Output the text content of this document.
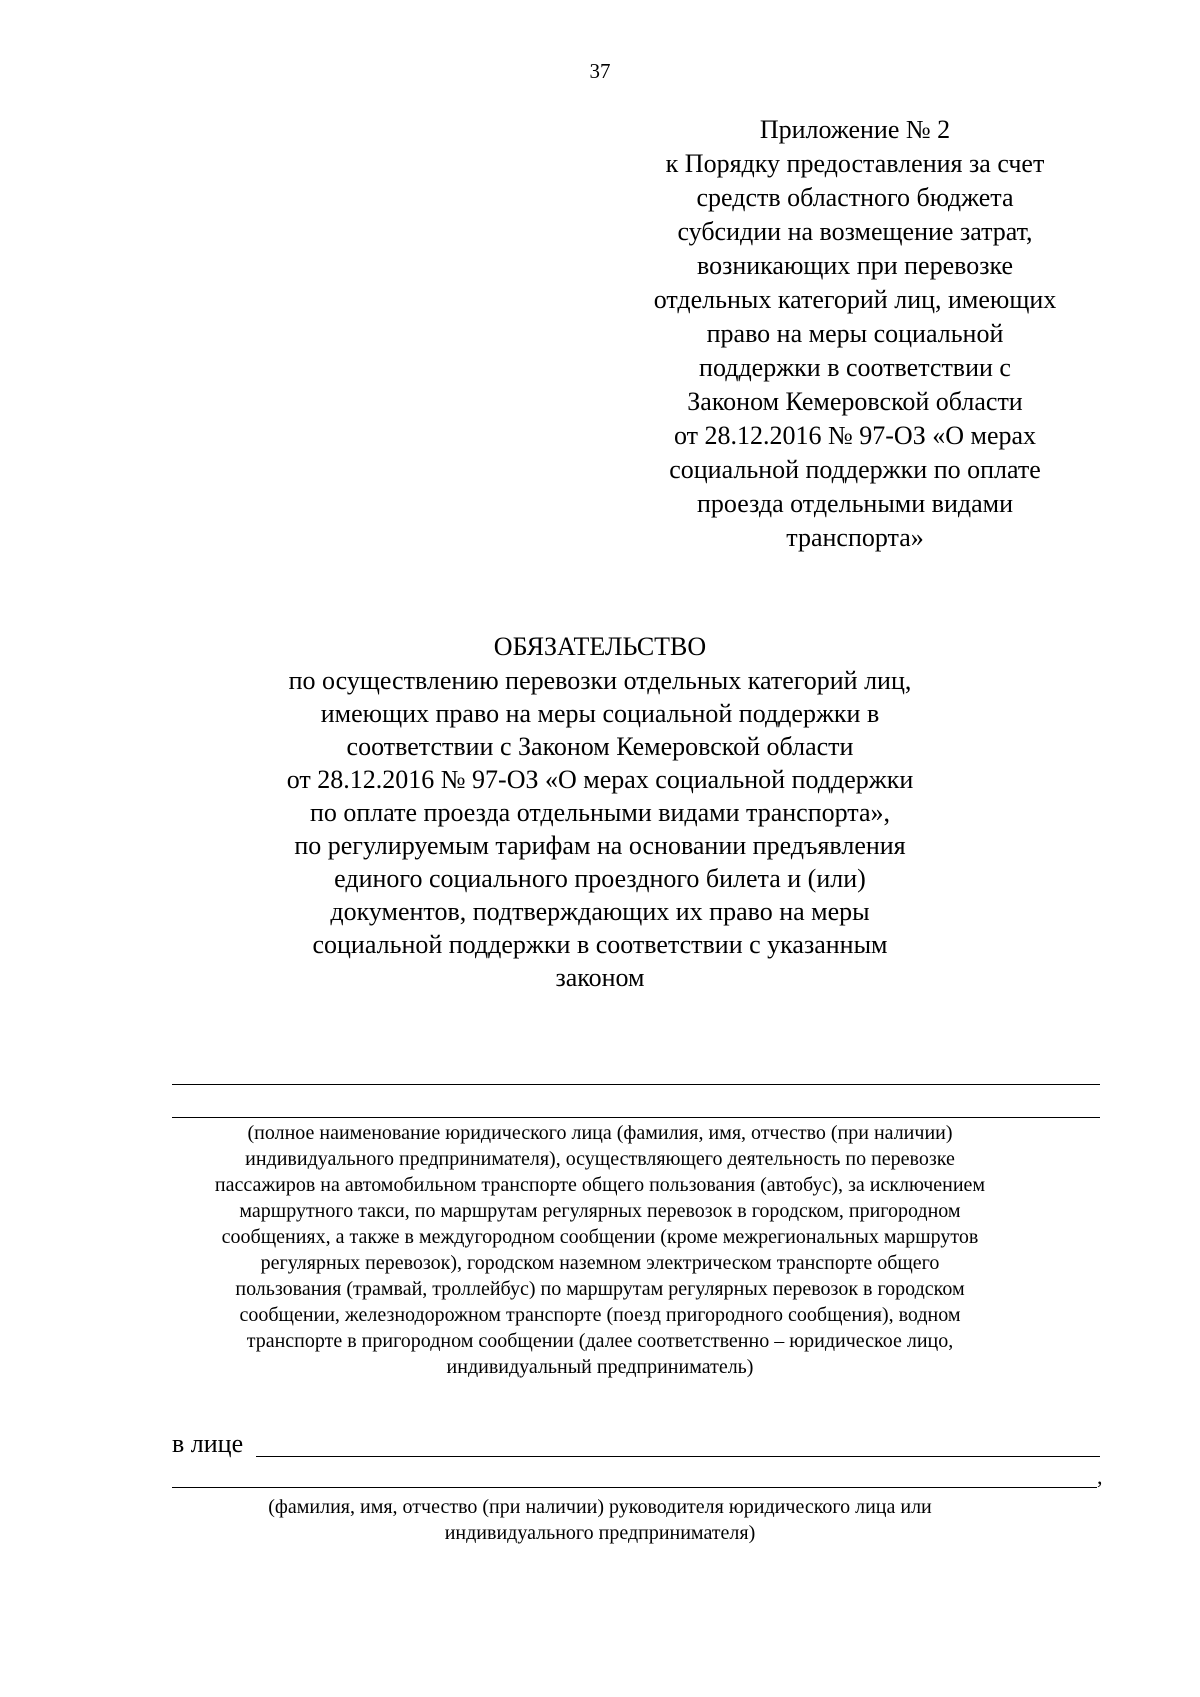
37
Приложение № 2
к Порядку предоставления за счет
средств областного бюджета
субсидии на возмещение затрат,
возникающих при перевозке
отдельных категорий лиц, имеющих
право на меры социальной
поддержки в соответствии с
Законом Кемеровской области
от 28.12.2016 № 97-ОЗ «О мерах
социальной поддержки по оплате
проезда отдельными видами
транспорта»
ОБЯЗАТЕЛЬСТВО
по осуществлению перевозки отдельных категорий лиц,
имеющих право на меры социальной поддержки в
соответствии с Законом Кемеровской области
от 28.12.2016 № 97-ОЗ «О мерах социальной поддержки
по оплате проезда отдельными видами транспорта»,
по регулируемым тарифам на основании предъявления
единого социального проездного билета и (или)
документов, подтверждающих их право на меры
социальной поддержки в соответствии с указанным
законом
(полное наименование юридического лица (фамилия, имя, отчество (при наличии)
индивидуального предпринимателя), осуществляющего деятельность по перевозке
пассажиров на автомобильном транспорте общего пользования (автобус), за исключением
маршрутного такси, по маршрутам регулярных перевозок в городском, пригородном
сообщениях, а также в междугородном сообщении (кроме межрегиональных маршрутов
регулярных перевозок), городском наземном электрическом транспорте общего
пользования (трамвай, троллейбус) по маршрутам регулярных перевозок в городском
сообщении, железнодорожном транспорте (поезд пригородного сообщения), водном
транспорте в пригородном сообщении (далее соответственно – юридическое лицо,
индивидуальный предприниматель)
в лице
,
(фамилия, имя, отчество (при наличии) руководителя юридического лица или
индивидуального предпринимателя)
